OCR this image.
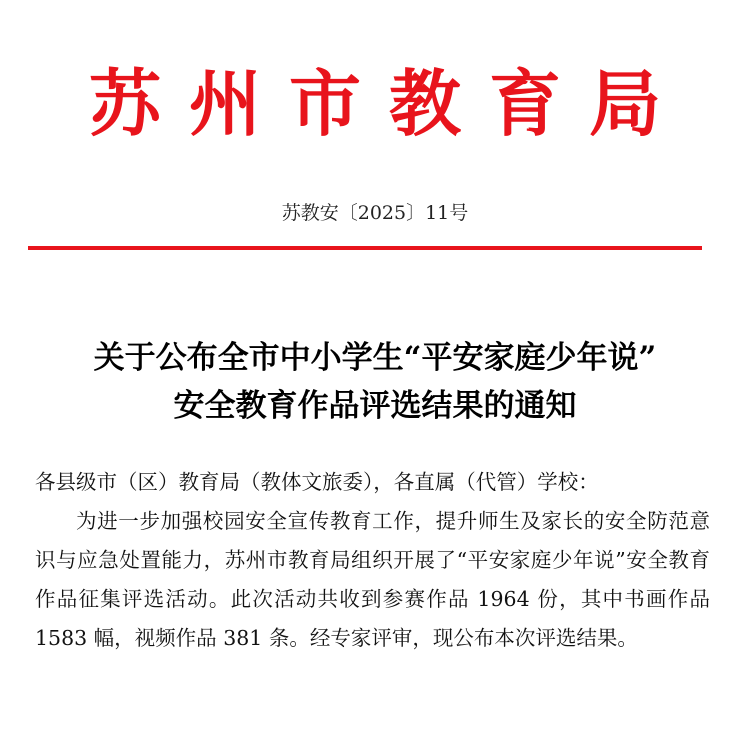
苏州市教育局
苏教安〔2025〕11号
关于公布全市中小学生“平安家庭少年说”
安全教育作品评选结果的通知
各县级市（区）教育局（教体文旅委），各直属（代管）学校：
为进一步加强校园安全宣传教育工作，提升师生及家长的安全防范意识与应急处置能力，苏州市教育局组织开展了“平安家庭少年说”安全教育作品征集评选活动。此次活动共收到参赛作品 1964 份，其中书画作品 1583 幅，视频作品 381 条。经专家评审，现公布本次评选结果。
